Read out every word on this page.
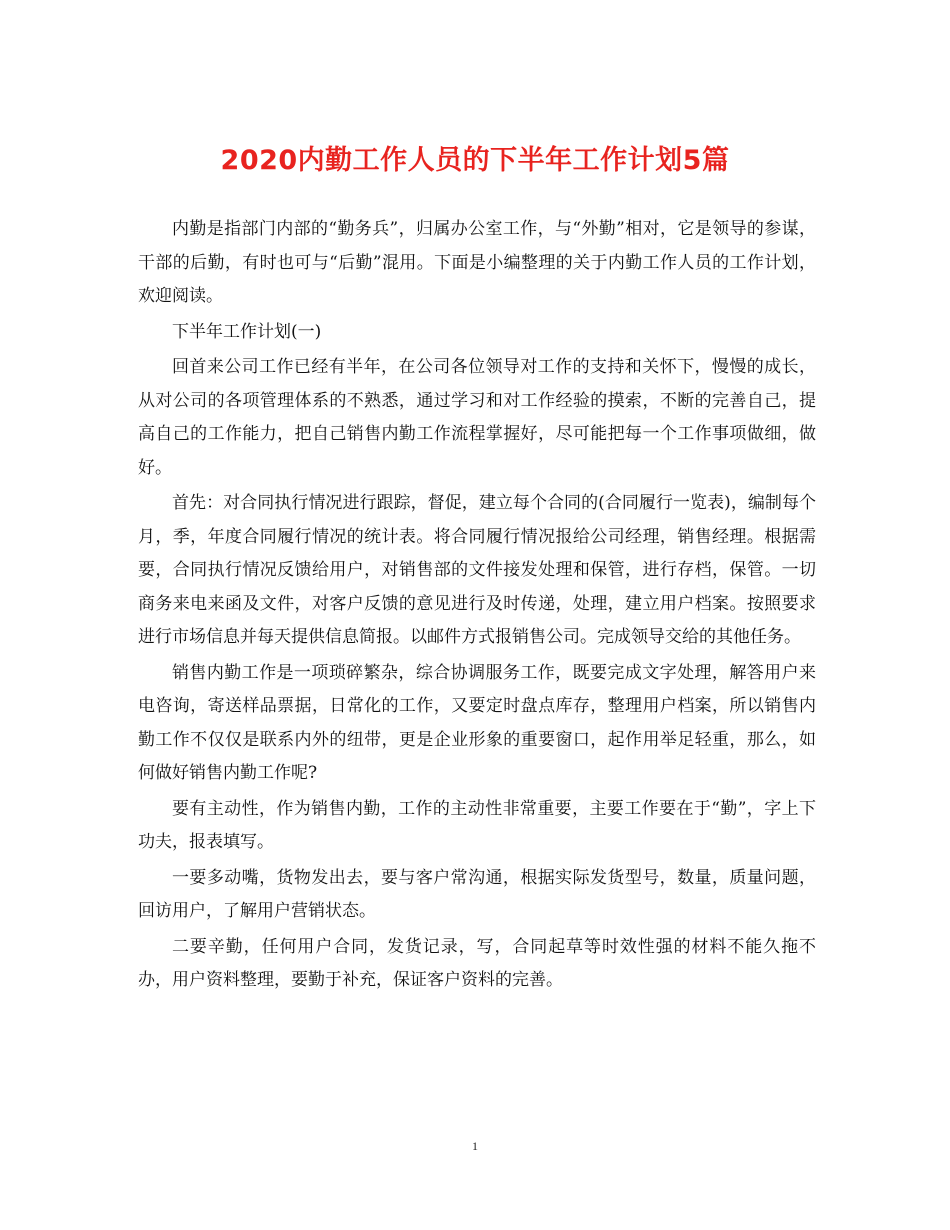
2020内勤工作人员的下半年工作计划5篇

内勤是指部门内部的“勤务兵”，归属办公室工作，与“外勤”相对，它是领导的参谋，干部的后勤，有时也可与“后勤”混用。下面是小编整理的关于内勤工作人员的工作计划，欢迎阅读。

下半年工作计划(一)

回首来公司工作已经有半年，在公司各位领导对工作的支持和关怀下，慢慢的成长，从对公司的各项管理体系的不熟悉，通过学习和对工作经验的摸索，不断的完善自己，提高自己的工作能力，把自己销售内勤工作流程掌握好，尽可能把每一个工作事项做细，做好。

首先：对合同执行情况进行跟踪，督促，建立每个合同的(合同履行一览表)，编制每个月，季，年度合同履行情况的统计表。将合同履行情况报给公司经理，销售经理。根据需要，合同执行情况反馈给用户，对销售部的文件接发处理和保管，进行存档，保管。一切商务来电来函及文件，对客户反馈的意见进行及时传递，处理，建立用户档案。按照要求进行市场信息并每天提供信息简报。以邮件方式报销售公司。完成领导交给的其他任务。

销售内勤工作是一项琐碎繁杂，综合协调服务工作，既要完成文字处理，解答用户来电咨询，寄送样品票据，日常化的工作，又要定时盘点库存，整理用户档案，所以销售内勤工作不仅仅是联系内外的纽带，更是企业形象的重要窗口，起作用举足轻重，那么，如何做好销售内勤工作呢?

要有主动性，作为销售内勤，工作的主动性非常重要，主要工作要在于“勤”，字上下功夫，报表填写。

一要多动嘴，货物发出去，要与客户常沟通，根据实际发货型号，数量，质量问题，回访用户，了解用户营销状态。

二要辛勤，任何用户合同，发货记录，写，合同起草等时效性强的材料不能久拖不办，用户资料整理，要勤于补充，保证客户资料的完善。

1
